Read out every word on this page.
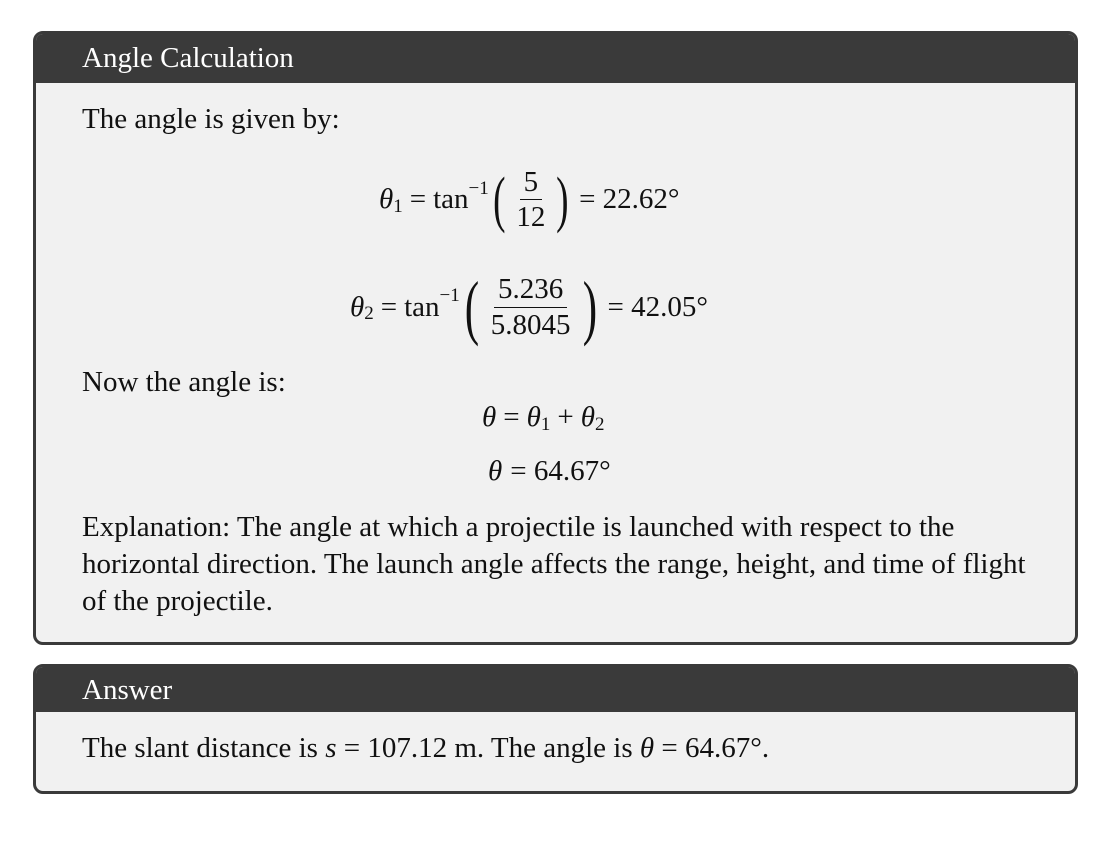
Angle Calculation
The angle is given by:
θ 1 = tan −1 ( $\frac{5}{12}$ ) = 22.62°
θ 2 = tan −1 ( $\frac{5.236}{5.8045}$ ) = 42.05°
Now the angle is:
θ = θ 1 + θ 2
θ = 64.67°
Explanation: The angle at which a projectile is launched with respect to the horizontal direction. The launch angle affects the range, height, and time of flight of the projectile.
Answer
The slant distance is s = 107.12 m. The angle is θ = 64.67°.
